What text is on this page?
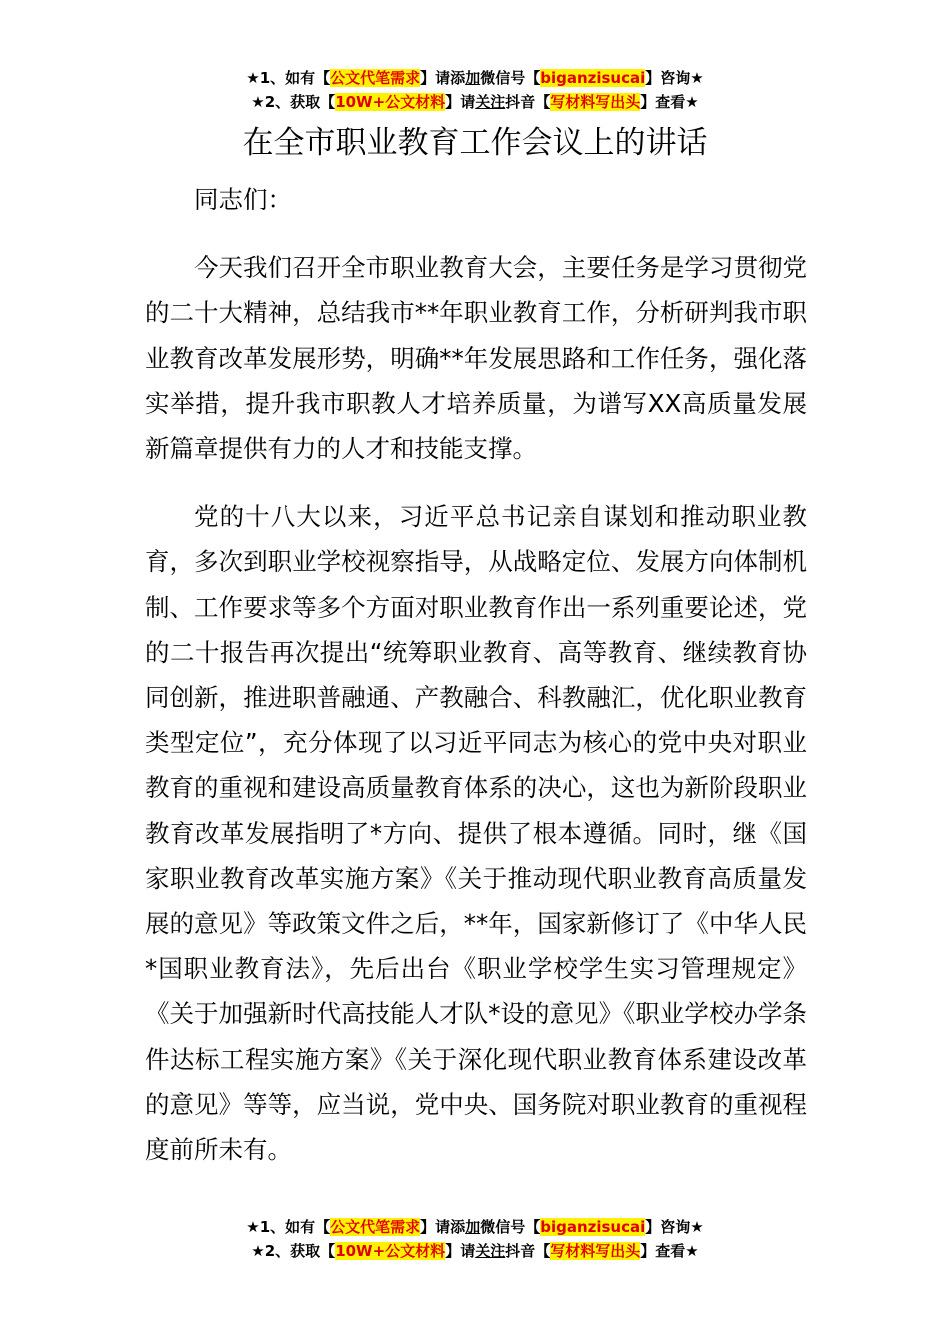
★1、如有【公文代笔需求】请添加微信号【biganzisucai】咨询★
★2、获取【10W+公文材料】请关注抖音【写材料写出头】查看★
在全市职业教育工作会议上的讲话

同志们：

今天我们召开全市职业教育大会，主要任务是学习贯彻党的二十大精神，总结我市**年职业教育工作，分析研判我市职业教育改革发展形势，明确**年发展思路和工作任务，强化落实举措，提升我市职教人才培养质量，为谱写XX高质量发展新篇章提供有力的人才和技能支撑。

党的十八大以来，习近平总书记亲自谋划和推动职业教育，多次到职业学校视察指导，从战略定位、发展方向体制机制、工作要求等多个方面对职业教育作出一系列重要论述，党的二十报告再次提出“统筹职业教育、高等教育、继续教育协同创新，推进职普融通、产教融合、科教融汇，优化职业教育类型定位”，充分体现了以习近平同志为核心的党中央对职业教育的重视和建设高质量教育体系的决心，这也为新阶段职业教育改革发展指明了*方向、提供了根本遵循。同时，继《国家职业教育改革实施方案》《关于推动现代职业教育高质量发展的意见》等政策文件之后，**年，国家新修订了《中华人民*国职业教育法》，先后出台《职业学校学生实习管理规定》《关于加强新时代高技能人才队*设的意见》《职业学校办学条件达标工程实施方案》《关于深化现代职业教育体系建设改革的意见》等等，应当说，党中央、国务院对职业教育的重视程度前所未有。

★1、如有【公文代笔需求】请添加微信号【biganzisucai】咨询★
★2、获取【10W+公文材料】请关注抖音【写材料写出头】查看★
